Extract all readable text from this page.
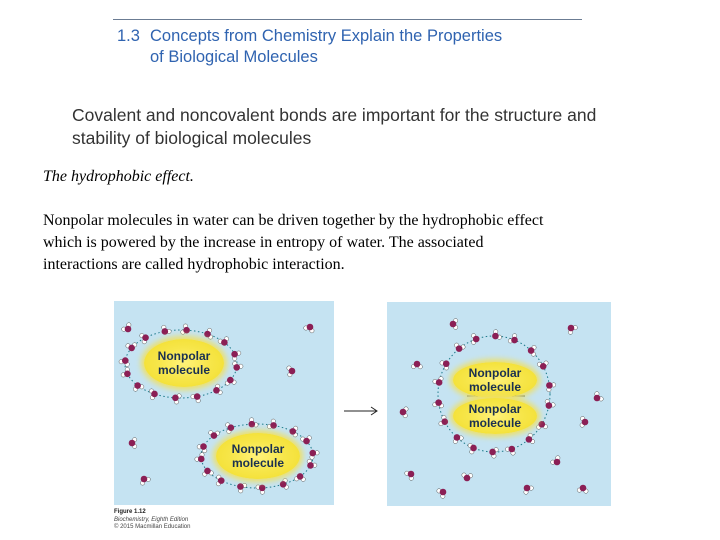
1.3 Concepts from Chemistry Explain the Properties
of Biological Molecules
Covalent and noncovalent bonds are important for the structure and
stability of biological molecules
The hydrophobic effect.
Nonpolar molecules in water can be driven together by the hydrophobic effect
which is powered by the increase in entropy of water. The associated
interactions are called hydrophobic interaction.
Nonpolar
molecule
Nonpolar
molecule
Nonpolar
molecule
Nonpolar
molecule
Figure 1.12
Biochemistry, Eighth Edition
© 2015 Macmillan Education
